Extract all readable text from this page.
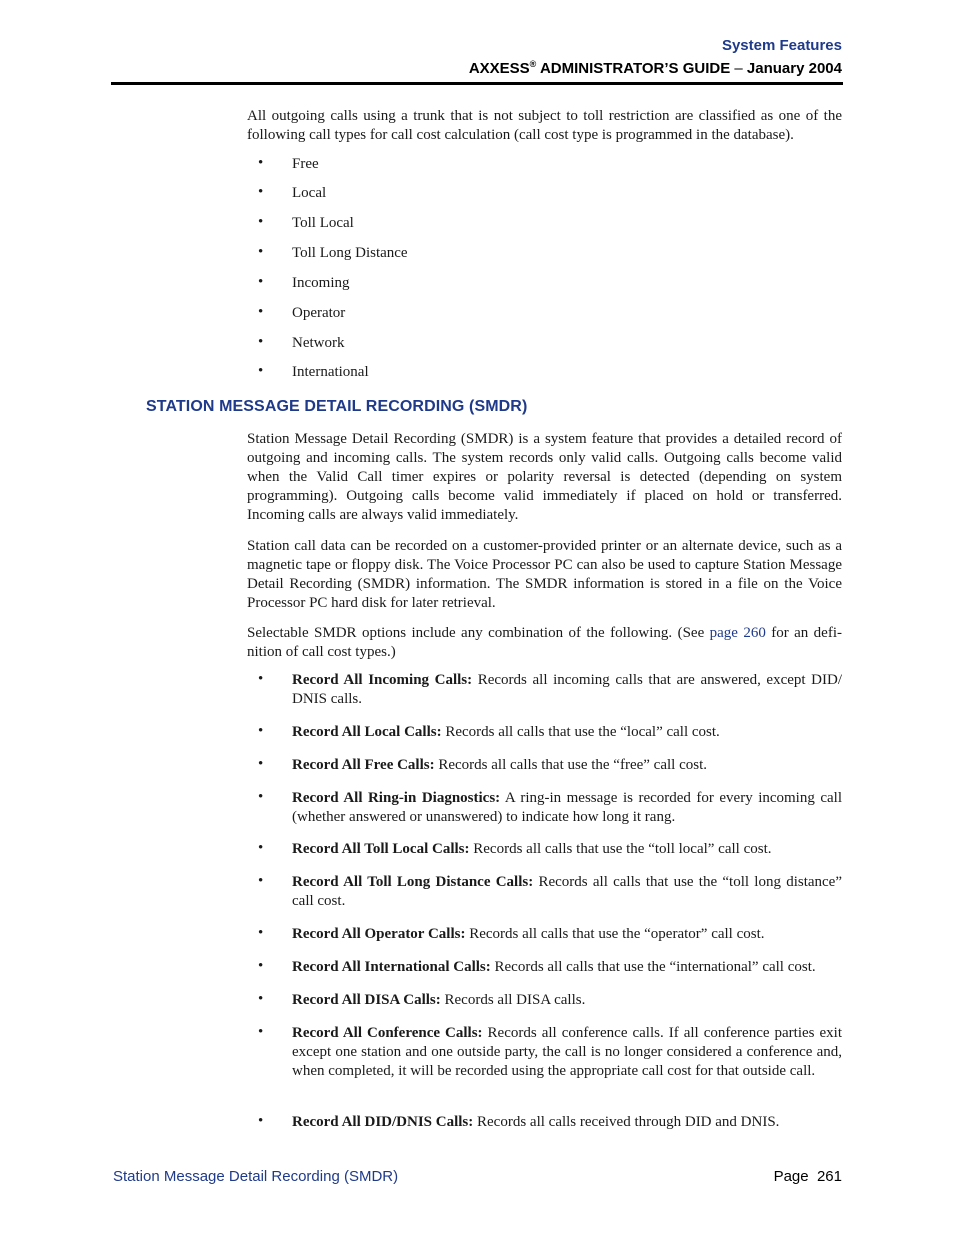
System Features
AXXESS® ADMINISTRATOR’S GUIDE – January 2004

All outgoing calls using a trunk that is not subject to toll restriction are classified as one of the following call types for call cost calculation (call cost type is programmed in the database).

• Free
• Local
• Toll Local
• Toll Long Distance
• Incoming
• Operator
• Network
• International
STATION MESSAGE DETAIL RECORDING (SMDR)

Station Message Detail Recording (SMDR) is a system feature that provides a detailed record of outgoing and incoming calls. The system records only valid calls. Outgoing calls become valid when the Valid Call timer expires or polarity reversal is detected (depending on system programming). Outgoing calls become valid immediately if placed on hold or transferred. Incoming calls are always valid immediately.

Station call data can be recorded on a customer-provided printer or an alternate device, such as a magnetic tape or floppy disk. The Voice Processor PC can also be used to capture Station Message Detail Recording (SMDR) information. The SMDR information is stored in a file on the Voice Processor PC hard disk for later retrieval.

Selectable SMDR options include any combination of the following. (See page 260 for an definition of call cost types.)

• Record All Incoming Calls: Records all incoming calls that are answered, except DID/ DNIS calls.
• Record All Local Calls: Records all calls that use the “local” call cost.
• Record All Free Calls: Records all calls that use the “free” call cost.
• Record All Ring-in Diagnostics: A ring-in message is recorded for every incoming call (whether answered or unanswered) to indicate how long it rang.
• Record All Toll Local Calls: Records all calls that use the “toll local” call cost.
• Record All Toll Long Distance Calls: Records all calls that use the “toll long distance” call cost.
• Record All Operator Calls: Records all calls that use the “operator” call cost.
• Record All International Calls: Records all calls that use the “international” call cost.
• Record All DISA Calls: Records all DISA calls.
• Record All Conference Calls: Records all conference calls. If all conference parties exit except one station and one outside party, the call is no longer considered a conference and, when completed, it will be recorded using the appropriate call cost for that outside call.
• Record All DID/DNIS Calls: Records all calls received through DID and DNIS.
Station Message Detail Recording (SMDR)	Page 261
